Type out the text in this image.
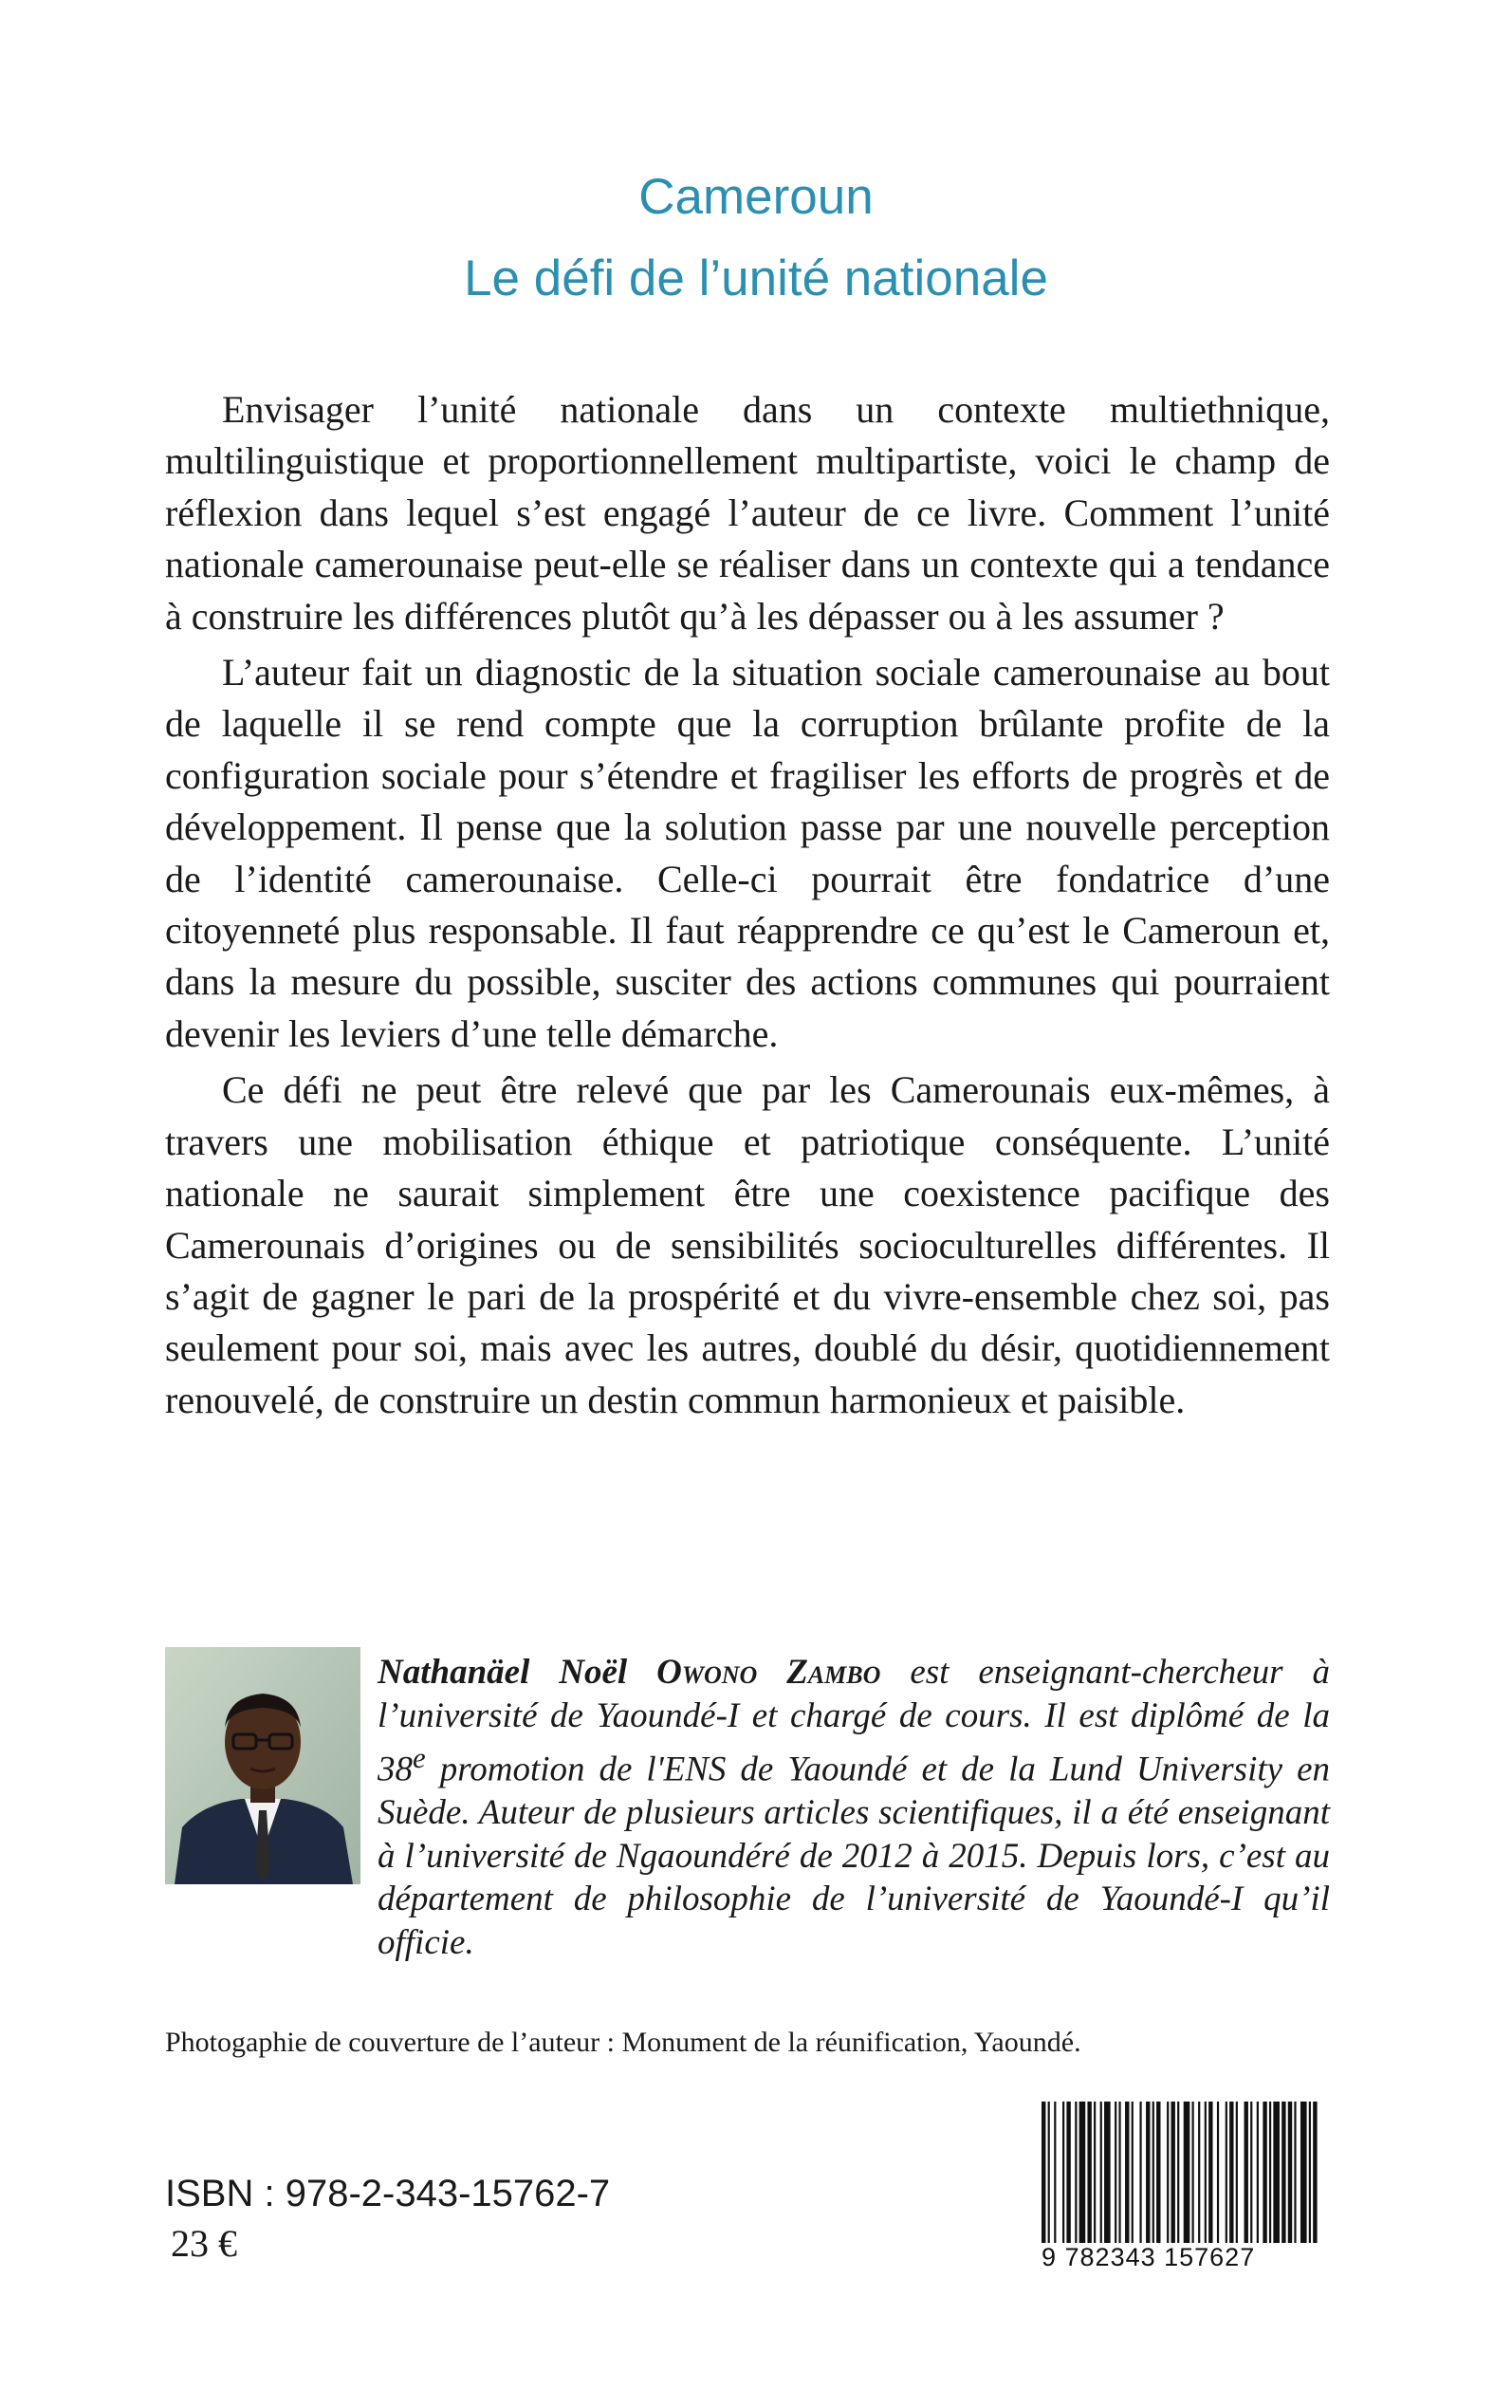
Cameroun
Le défi de l’unité nationale

Envisager l’unité nationale dans un contexte multiethnique, multilinguistique et proportionnellement multipartiste, voici le champ de réflexion dans lequel s’est engagé l’auteur de ce livre. Comment l’unité nationale camerounaise peut-elle se réaliser dans un contexte qui a tendance à construire les différences plutôt qu’à les dépasser ou à les assumer ?

L’auteur fait un diagnostic de la situation sociale camerounaise au bout de laquelle il se rend compte que la corruption brûlante profite de la configuration sociale pour s’étendre et fragiliser les efforts de progrès et de développement. Il pense que la solution passe par une nouvelle perception de l’identité camerounaise. Celle-ci pourrait être fondatrice d’une citoyenneté plus responsable. Il faut réapprendre ce qu’est le Cameroun et, dans la mesure du possible, susciter des actions communes qui pourraient devenir les leviers d’une telle démarche.

Ce défi ne peut être relevé que par les Camerounais eux-mêmes, à travers une mobilisation éthique et patriotique conséquente. L’unité nationale ne saurait simplement être une coexistence pacifique des Camerounais d’origines ou de sensibilités socioculturelles différentes. Il s’agit de gagner le pari de la prospérité et du vivre-ensemble chez soi, pas seulement pour soi, mais avec les autres, doublé du désir, quotidiennement renouvelé, de construire un destin commun harmonieux et paisible.

Nathanäel Noël Owono Zambo est enseignant-chercheur à l’université de Yaoundé-I et chargé de cours. Il est diplômé de la 38e promotion de l'ENS de Yaoundé et de la Lund University en Suède. Auteur de plusieurs articles scientifiques, il a été enseignant à l’université de Ngaoundéré de 2012 à 2015. Depuis lors, c’est au département de philosophie de l’université de Yaoundé-I qu’il officie.
Photogaphie de couverture de l’auteur : Monument de la réunification, Yaoundé.
ISBN : 978-2-343-15762-7
23 €	9 782343 157627
